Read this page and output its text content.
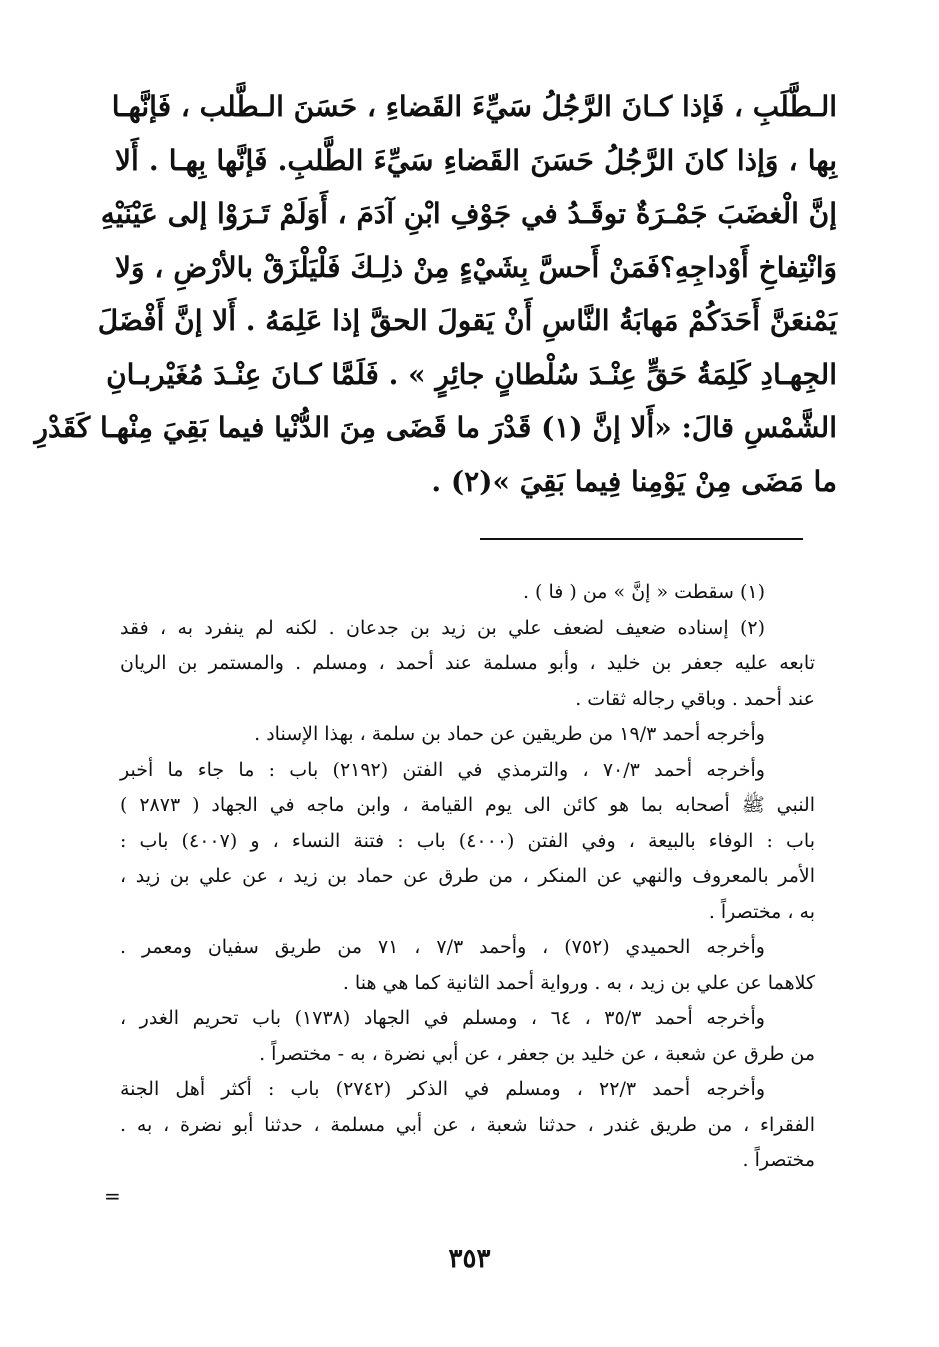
الـطَّلَبِ ، فَإذا كـانَ الرَّجُلُ سَيِّءَ القَضاءِ ، حَسَنَ الـطَّلب ، فَإنَّهـا
بِها ، وَإذا كانَ الرَّجُلُ حَسَنَ القَضاءِ سَيِّءَ الطَّلبِ. فَإنَّها بِهـا . أَلا
إنَّ الْغضَبَ جَمْـرَةٌ توقَـدُ في جَوْفِ ابْنِ آدَمَ ، أَوَلَمْ تَـرَوْا إلى عَيْنَيْهِ
وَانْتِفاخِ أَوْداجِهِ؟فَمَنْ أَحسَّ بِشَيْءٍ مِنْ ذلِـكَ فَلْيَلْزَقْ بالأرْضِ ، وَلا
يَمْنعَنَّ أَحَدَكُمْ مَهابَةُ النَّاسِ أَنْ يَقولَ الحقَّ إذا عَلِمَهُ . أَلا إنَّ أَفْضَلَ
الجِهـادِ كَلِمَةُ حَقٍّ عِنْـدَ سُلْطانٍ جائِرٍ » . فَلَمَّا كـانَ عِنْـدَ مُغَيْربـانِ
الشَّمْسِ قالَ: «أَلا إنَّ (١) قَدْرَ ما قَضَى مِنَ الدُّنْيا فيما بَقِيَ مِنْهـا كَقَدْرِ
ما مَضَى مِنْ يَوْمِنا فِيما بَقِيَ »(٢) .
(١) سقطت « إنَّ » من ( فا ) .
(٢) إسناده ضعيف لضعف علي بن زيد بن جدعان . لكنه لم ينفرد به ، فقد
تابعه عليه جعفر بن خليد ، وأبو مسلمة عند أحمد ، ومسلم . والمستمر بن الريان
عند أحمد . وباقي رجاله ثقات .
وأخرجه أحمد ١٩/٣ من طريقين عن حماد بن سلمة ، بهذا الإسناد .
وأخرجه أحمد ٧٠/٣ ، والترمذي في الفتن (٢١٩٢) باب : ما جاء ما أخبر
النبي ﷺ أصحابه بما هو كائن الى يوم القيامة ، وابن ماجه في الجهاد ( ٢٨٧٣ )
باب : الوفاء بالبيعة ، وفي الفتن (٤٠٠٠) باب : فتنة النساء ، و (٤٠٠٧) باب :
الأمر بالمعروف والنهي عن المنكر ، من طرق عن حماد بن زيد ، عن علي بن زيد ،
به ، مختصراً .
وأخرجه الحميدي (٧٥٢) ، وأحمد ٧/٣ ، ٧١ من طريق سفيان ومعمر .
كلاهما عن علي بن زيد ، به . ورواية أحمد الثانية كما هي هنا .
وأخرجه أحمد ٣٥/٣ ، ٦٤ ، ومسلم في الجهاد (١٧٣٨) باب تحريم الغدر ،
من طرق عن شعبة ، عن خليد بن جعفر ، عن أبي نضرة ، به - مختصراً .
وأخرجه أحمد ٢٢/٣ ، ومسلم في الذكر (٢٧٤٢) باب : أكثر أهل الجنة
الفقراء ، من طريق غندر ، حدثنا شعبة ، عن أبي مسلمة ، حدثنا أبو نضرة ، به .
مختصراً .
=
٣٥٣
